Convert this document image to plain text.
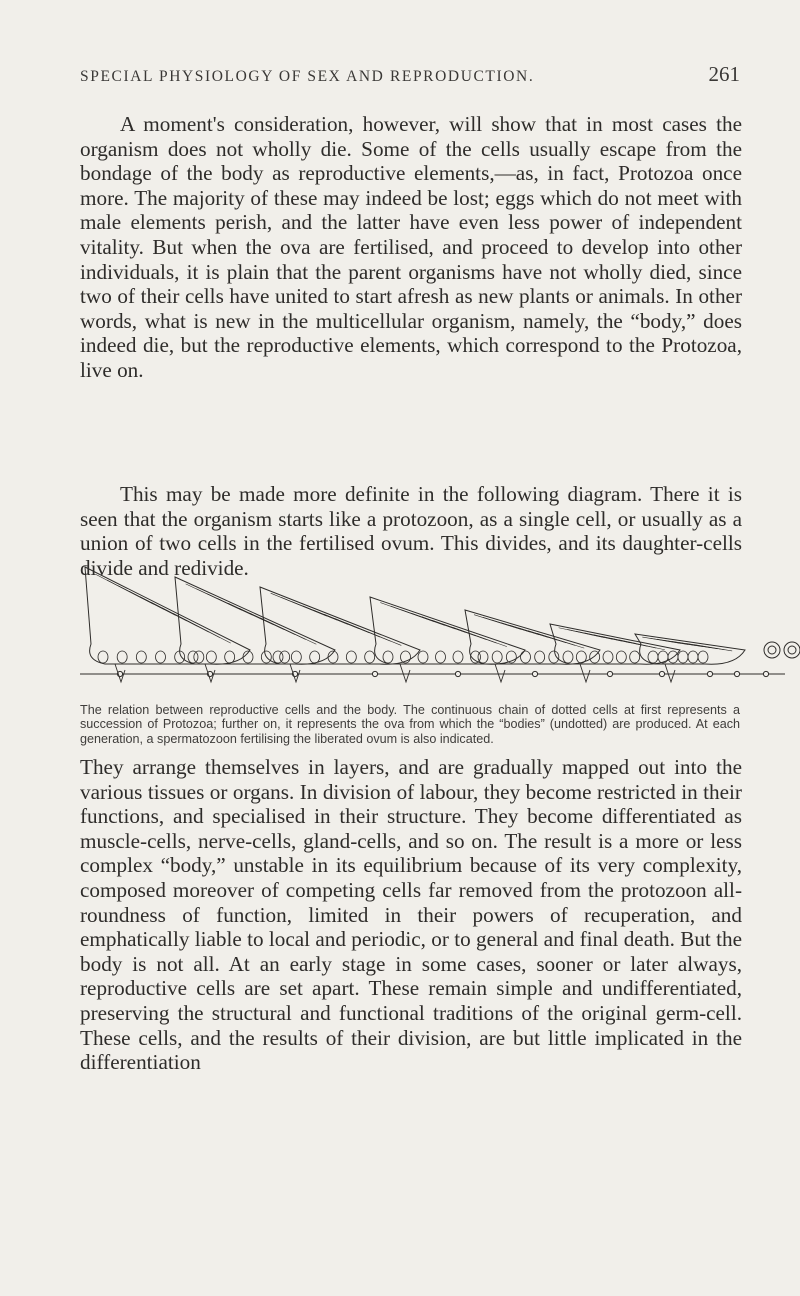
SPECIAL PHYSIOLOGY OF SEX AND REPRODUCTION.	261

A moment's consideration, however, will show that in most cases the organism does not wholly die. Some of the cells usually escape from the bondage of the body as reproductive elements,—as, in fact, Protozoa once more. The majority of these may indeed be lost; eggs which do not meet with male elements perish, and the latter have even less power of independent vitality. But when the ova are fertilised, and proceed to develop into other individuals, it is plain that the parent organisms have not wholly died, since two of their cells have united to start afresh as new plants or animals. In other words, what is new in the multicellular organism, namely, the “body,” does indeed die, but the reproductive elements, which correspond to the Protozoa, live on.

This may be made more definite in the following diagram. There it is seen that the organism starts like a protozoon, as a single cell, or usually as a union of two cells in the fertilised ovum. This divides, and its daughter-cells divide and redivide.

The relation between reproductive cells and the body. The continuous chain of dotted cells at first represents a succession of Protozoa; further on, it represents the ova from which the “bodies” (undotted) are produced. At each generation, a spermatozoon fertilising the liberated ovum is also indicated.

They arrange themselves in layers, and are gradually mapped out into the various tissues or organs. In division of labour, they become restricted in their functions, and specialised in their structure. They become differentiated as muscle-cells, nerve-cells, gland-cells, and so on. The result is a more or less complex “body,” unstable in its equilibrium because of its very complexity, composed moreover of competing cells far removed from the protozoon all-roundness of function, limited in their powers of recuperation, and emphatically liable to local and periodic, or to general and final death. But the body is not all. At an early stage in some cases, sooner or later always, reproductive cells are set apart. These remain simple and undifferentiated, preserving the structural and functional traditions of the original germ-cell. These cells, and the results of their division, are but little implicated in the differentiation
